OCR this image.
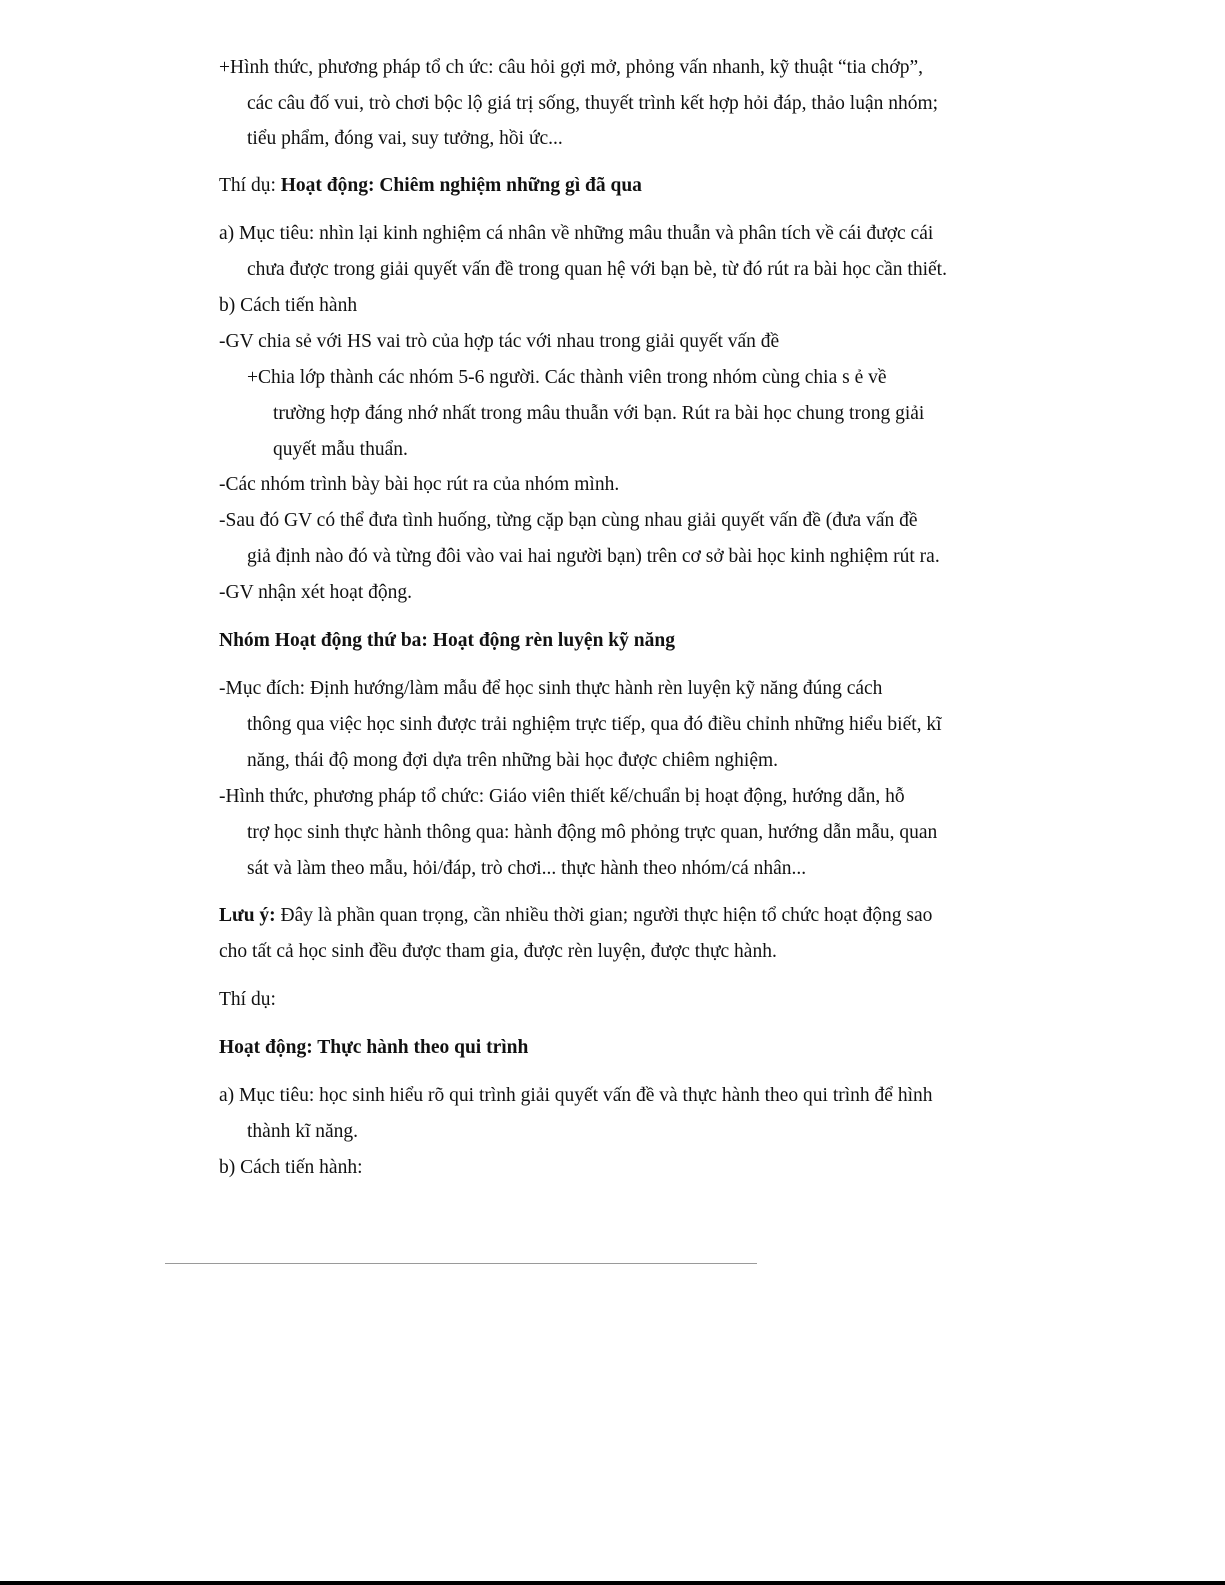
+Hình thức, phương pháp tổ ch ức: câu hỏi gợi mở, phỏng vấn nhanh, kỹ thuật “tia chớp”,
các câu đố vui, trò chơi bộc lộ giá trị sống, thuyết trình kết hợp hỏi đáp, thảo luận nhóm;
tiểu phẩm, đóng vai, suy tưởng, hồi ức...
Thí dụ: Hoạt động: Chiêm nghiệm những gì đã qua
a) Mục tiêu: nhìn lại kinh nghiệm cá nhân về những mâu thuẫn và phân tích về cái được cái
chưa được trong giải quyết vấn đề trong quan hệ với bạn bè, từ đó rút ra bài học cần thiết.
b) Cách tiến hành
-GV chia sẻ với HS vai trò của hợp tác với nhau trong giải quyết vấn đề
+Chia lớp thành các nhóm 5-6 người. Các thành viên trong nhóm cùng chia s ẻ về
trường hợp đáng nhớ nhất trong mâu thuẫn với bạn. Rút ra bài học chung trong giải
quyết mẫu thuẩn.
-Các nhóm trình bày bài học rút ra của nhóm mình.
-Sau đó GV có thể đưa tình huống, từng cặp bạn cùng nhau giải quyết vấn đề (đưa vấn đề
giả định nào đó và từng đôi vào vai hai người bạn) trên cơ sở bài học kinh nghiệm rút ra.
-GV nhận xét hoạt động.
Nhóm Hoạt động thứ ba: Hoạt động rèn luyện kỹ năng
-Mục đích: Định hướng/làm mẫu để học sinh thực hành rèn luyện kỹ năng đúng cách
thông qua việc học sinh được trải nghiệm trực tiếp, qua đó điều chỉnh những hiểu biết, kĩ
năng, thái độ mong đợi dựa trên những bài học được chiêm nghiệm.
-Hình thức, phương pháp tổ chức: Giáo viên thiết kế/chuẩn bị hoạt động, hướng dẫn, hỗ
trợ học sinh thực hành thông qua: hành động mô phỏng trực quan, hướng dẫn mẫu, quan
sát và làm theo mẫu, hỏi/đáp, trò chơi... thực hành theo nhóm/cá nhân...
Lưu ý: Đây là phần quan trọng, cần nhiều thời gian; người thực hiện tổ chức hoạt động sao
cho tất cả học sinh đều được tham gia, được rèn luyện, được thực hành.
Thí dụ:
Hoạt động: Thực hành theo qui trình
a) Mục tiêu: học sinh hiểu rõ qui trình giải quyết vấn đề và thực hành theo qui trình để hình
thành kĩ năng.
b) Cách tiến hành:
